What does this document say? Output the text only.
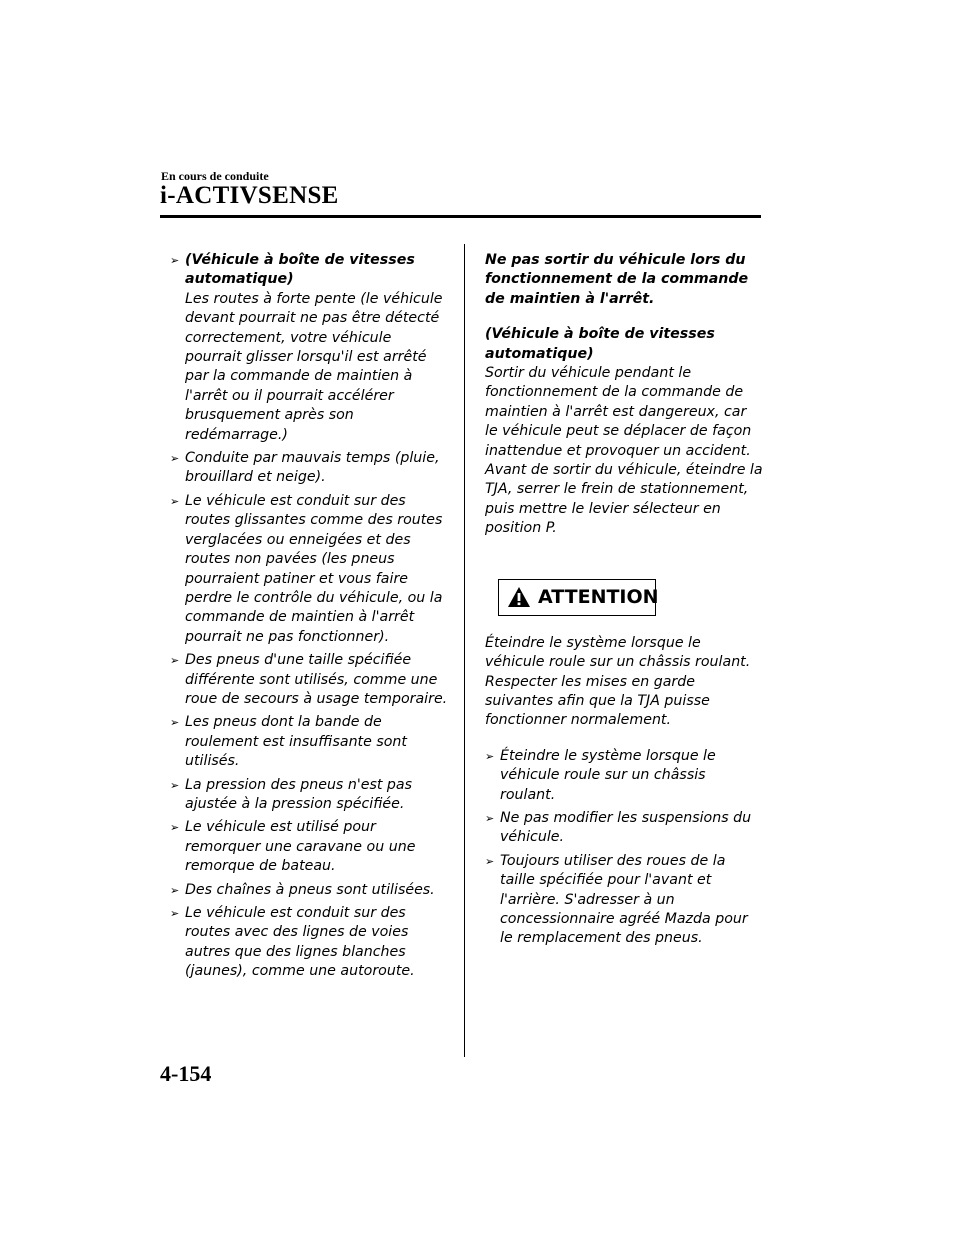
En cours de conduite
i-ACTIVSENSE
➢ (Véhicule à boîte de vitesses automatique)
Les routes à forte pente (le véhicule devant pourrait ne pas être détecté correctement, votre véhicule pourrait glisser lorsqu'il est arrêté par la commande de maintien à l'arrêt ou il pourrait accélérer brusquement après son redémarrage.)
➢ Conduite par mauvais temps (pluie, brouillard et neige).
➢ Le véhicule est conduit sur des routes glissantes comme des routes verglacées ou enneigées et des routes non pavées (les pneus pourraient patiner et vous faire perdre le contrôle du véhicule, ou la commande de maintien à l'arrêt pourrait ne pas fonctionner).
➢ Des pneus d'une taille spécifiée différente sont utilisés, comme une roue de secours à usage temporaire.
➢ Les pneus dont la bande de roulement est insuffisante sont utilisés.
➢ La pression des pneus n'est pas ajustée à la pression spécifiée.
➢ Le véhicule est utilisé pour remorquer une caravane ou une remorque de bateau.
➢ Des chaînes à pneus sont utilisées.
➢ Le véhicule est conduit sur des routes avec des lignes de voies autres que des lignes blanches (jaunes), comme une autoroute.

Ne pas sortir du véhicule lors du fonctionnement de la commande de maintien à l'arrêt.

(Véhicule à boîte de vitesses automatique)

Sortir du véhicule pendant le fonctionnement de la commande de maintien à l'arrêt est dangereux, car le véhicule peut se déplacer de façon inattendue et provoquer un accident. Avant de sortir du véhicule, éteindre la TJA, serrer le frein de stationnement, puis mettre le levier sélecteur en position P.

ATTENTION

Éteindre le système lorsque le véhicule roule sur un châssis roulant.

Respecter les mises en garde suivantes afin que la TJA puisse fonctionner normalement.

➢ Éteindre le système lorsque le véhicule roule sur un châssis roulant.
➢ Ne pas modifier les suspensions du véhicule.
➢ Toujours utiliser des roues de la taille spécifiée pour l'avant et l'arrière. S'adresser à un concessionnaire agréé Mazda pour le remplacement des pneus.
4-154
